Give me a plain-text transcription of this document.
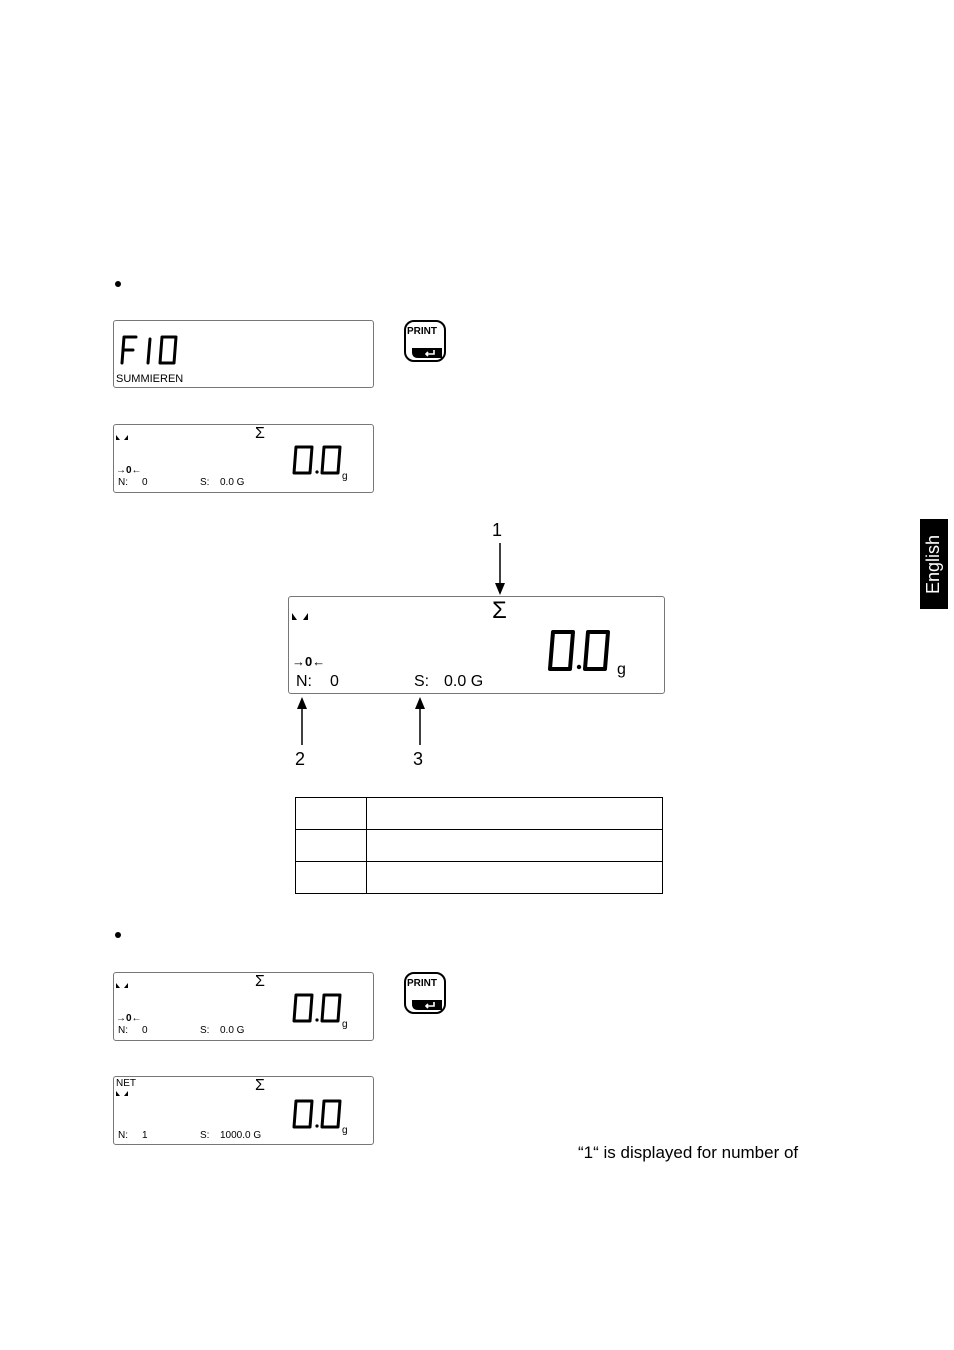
English
SUMMIEREN
PRINT
Σ
→0←
N: 0	S: 0.0 G
g
1
Σ
→0←
N: 0	S: 0.0 G
g
2	3

Σ
→0←
N: 0	S: 0.0 G
g
PRINT
NET	Σ
N: 1	S: 1000.0 G	g
“1“ is displayed for number of
